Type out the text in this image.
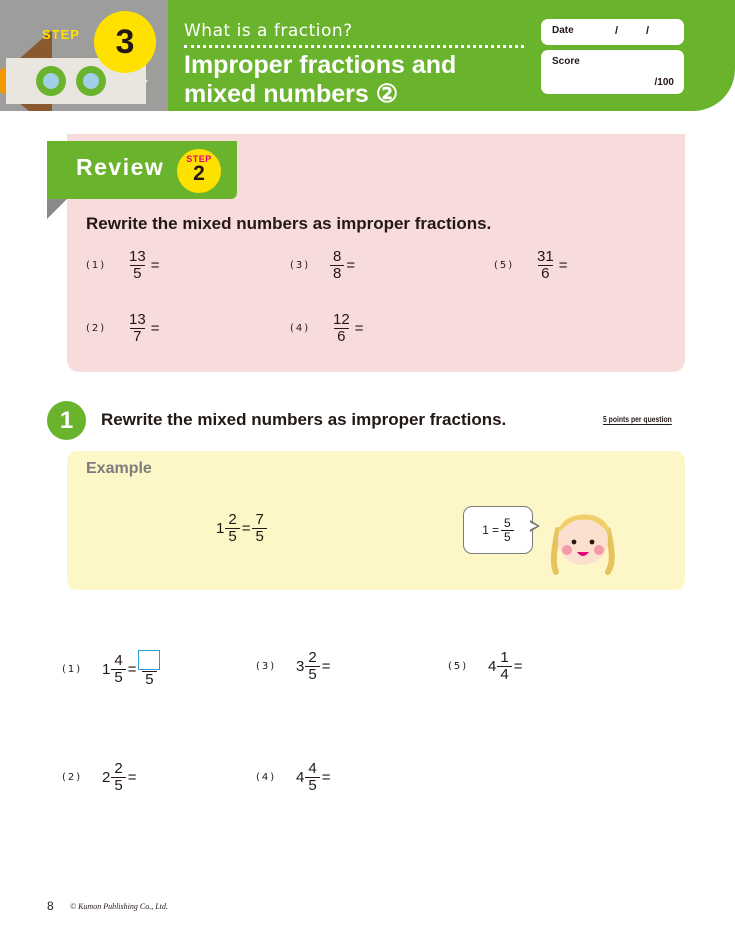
STEP	3	What is a fraction?
Improper fractions and mixed numbers ②
Date	/	/
Score
/100
Review	STEP
2
Rewrite the mixed numbers as improper fractions.
(1)	$\frac{13}{5}$ =
(2)	$\frac{13}{7}$ =
(3)	$\frac{8}{8}$ =
(4)	$\frac{12}{6}$ =
(5)	$\frac{31}{6}$ =
1	Rewrite the mixed numbers as improper fractions.	5 points per question
Example
$1 \frac{2}{5} = \frac{7}{5}$	$1 = \frac{5}{5}$
(1)	$1 \frac{4}{5}$ =
5
(2)	$2 \frac{2}{5}$ =
(3)	$3 \frac{2}{5}$ =
(4)	$4 \frac{4}{5}$ =
(5)	$4 \frac{1}{4}$ =
8 © Kumon Publishing Co., Ltd.
